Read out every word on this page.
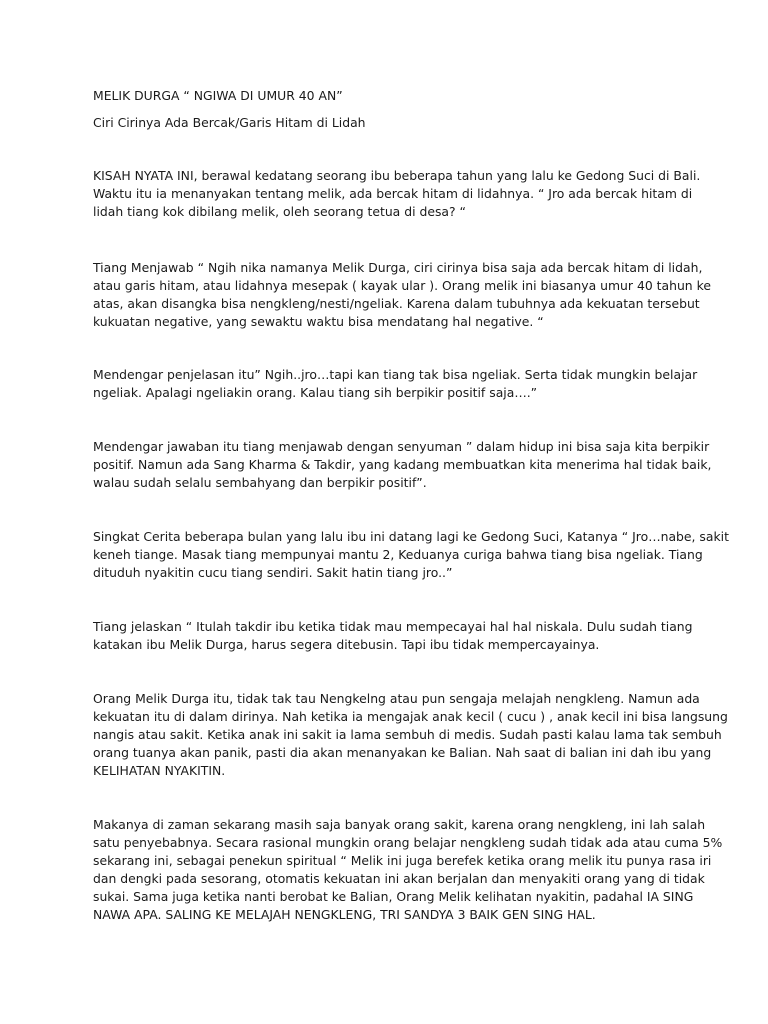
MELIK DURGA “ NGIWA DI UMUR 40 AN”

Ciri Cirinya Ada Bercak/Garis Hitam di Lidah

KISAH NYATA INI, berawal kedatang seorang ibu beberapa tahun yang lalu ke Gedong Suci di Bali.
Waktu itu ia menanyakan tentang melik, ada bercak hitam di lidahnya. “ Jro ada bercak hitam di
lidah tiang kok dibilang melik, oleh seorang tetua di desa? “

Tiang Menjawab “ Ngih nika namanya Melik Durga, ciri cirinya bisa saja ada bercak hitam di lidah,
atau garis hitam, atau lidahnya mesepak ( kayak ular ). Orang melik ini biasanya umur 40 tahun ke
atas, akan disangka bisa nengkleng/nesti/ngeliak. Karena dalam tubuhnya ada kekuatan tersebut
kukuatan negative, yang sewaktu waktu bisa mendatang hal negative. “

Mendengar penjelasan itu” Ngih..jro…tapi kan tiang tak bisa ngeliak. Serta tidak mungkin belajar
ngeliak. Apalagi ngeliakin orang. Kalau tiang sih berpikir positif saja….”

Mendengar jawaban itu tiang menjawab dengan senyuman ” dalam hidup ini bisa saja kita berpikir
positif. Namun ada Sang Kharma & Takdir, yang kadang membuatkan kita menerima hal tidak baik,
walau sudah selalu sembahyang dan berpikir positif”.

Singkat Cerita beberapa bulan yang lalu ibu ini datang lagi ke Gedong Suci, Katanya “ Jro…nabe, sakit
keneh tiange. Masak tiang mempunyai mantu 2, Keduanya curiga bahwa tiang bisa ngeliak. Tiang
dituduh nyakitin cucu tiang sendiri. Sakit hatin tiang jro..”

Tiang jelaskan “ Itulah takdir ibu ketika tidak mau mempecayai hal hal niskala. Dulu sudah tiang
katakan ibu Melik Durga, harus segera ditebusin. Tapi ibu tidak mempercayainya.

Orang Melik Durga itu, tidak tak tau Nengkelng atau pun sengaja melajah nengkleng. Namun ada
kekuatan itu di dalam dirinya. Nah ketika ia mengajak anak kecil ( cucu ) , anak kecil ini bisa langsung
nangis atau sakit. Ketika anak ini sakit ia lama sembuh di medis. Sudah pasti kalau lama tak sembuh
orang tuanya akan panik, pasti dia akan menanyakan ke Balian. Nah saat di balian ini dah ibu yang
KELIHATAN NYAKITIN.

Makanya di zaman sekarang masih saja banyak orang sakit, karena orang nengkleng, ini lah salah
satu penyebabnya. Secara rasional mungkin orang belajar nengkleng sudah tidak ada atau cuma 5%
sekarang ini, sebagai penekun spiritual “ Melik ini juga berefek ketika orang melik itu punya rasa iri
dan dengki pada sesorang, otomatis kekuatan ini akan berjalan dan menyakiti orang yang di tidak
sukai. Sama juga ketika nanti berobat ke Balian, Orang Melik kelihatan nyakitin, padahal IA SING
NAWA APA. SALING KE MELAJAH NENGKLENG, TRI SANDYA 3 BAIK GEN SING HAL.
